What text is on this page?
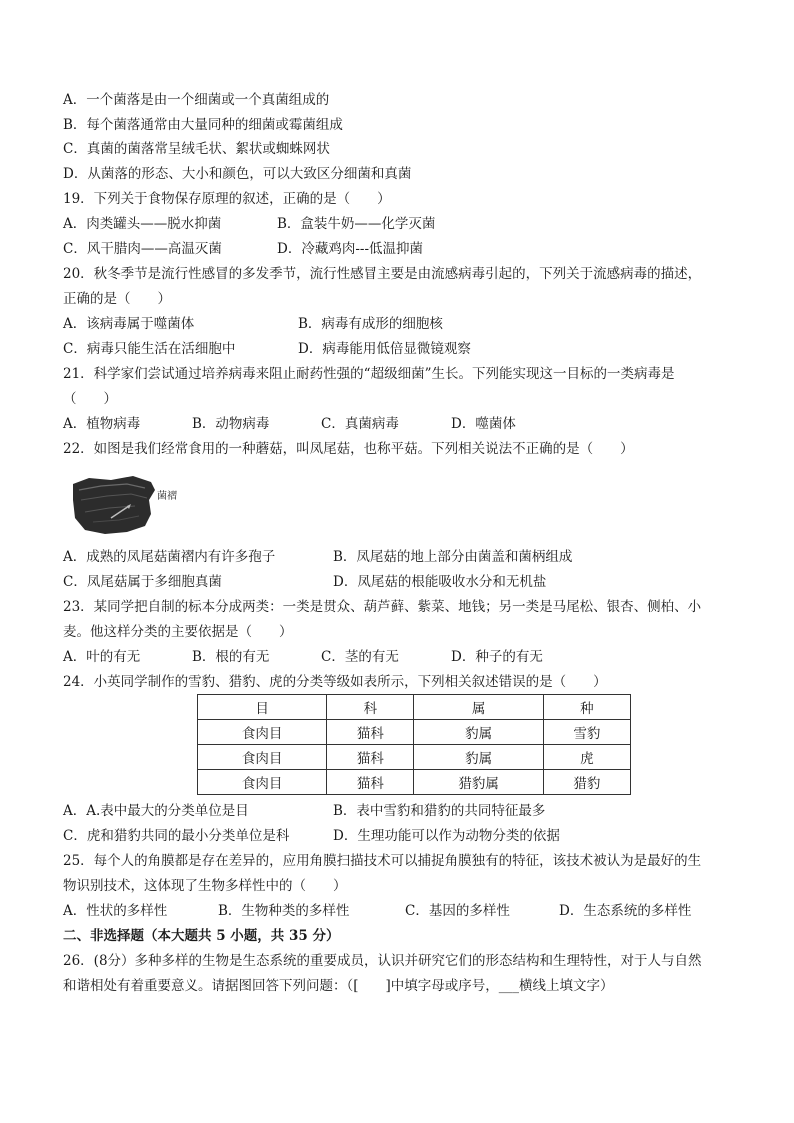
A．一个菌落是由一个细菌或一个真菌组成的
B．每个菌落通常由大量同种的细菌或霉菌组成
C．真菌的菌落常呈绒毛状、絮状或蜘蛛网状
D．从菌落的形态、大小和颜色，可以大致区分细菌和真菌
19．下列关于食物保存原理的叙述，正确的是（　　）
A．肉类罐头——脱水抑菌	B．盒装牛奶——化学灭菌
C．风干腊肉——高温灭菌	D．冷藏鸡肉---低温抑菌
20．秋冬季节是流行性感冒的多发季节，流行性感冒主要是由流感病毒引起的，下列关于流感病毒的描述，
正确的是（　　）
A．该病毒属于噬菌体	B．病毒有成形的细胞核
C．病毒只能生活在活细胞中	D．病毒能用低倍显微镜观察
21．科学家们尝试通过培养病毒来阻止耐药性强的“超级细菌”生长。下列能实现这一目标的一类病毒是
（　　）
A．植物病毒	B．动物病毒	C．真菌病毒	D．噬菌体
22．如图是我们经常食用的一种蘑菇，叫凤尾菇，也称平菇。下列相关说法不正确的是（　　）
菌褶
A．成熟的凤尾菇菌褶内有许多孢子	B．凤尾菇的地上部分由菌盖和菌柄组成
C．凤尾菇属于多细胞真菌	D．凤尾菇的根能吸收水分和无机盐
23．某同学把自制的标本分成两类：一类是贯众、葫芦藓、紫菜、地钱；另一类是马尾松、银杏、侧柏、小
麦。他这样分类的主要依据是（　　）
A．叶的有无	B．根的有无	C．茎的有无	D．种子的有无
24．小英同学制作的雪豹、猎豹、虎的分类等级如表所示，下列相关叙述错误的是（　　）
目	科	属	种
食肉目	猫科	豹属	雪豹
食肉目	猫科	豹属	虎
食肉目	猫科	猎豹属	猎豹
A．A.表中最大的分类单位是目	B．表中雪豹和猎豹的共同特征最多
C．虎和猎豹共同的最小分类单位是科	D．生理功能可以作为动物分类的依据
25．每个人的角膜都是存在差异的，应用角膜扫描技术可以捕捉角膜独有的特征，该技术被认为是最好的生
物识别技术，这体现了生物多样性中的（　　）
A．性状的多样性	B．生物种类的多样性	C．基因的多样性	D．生态系统的多样性
二、非选择题（本大题共 5 小题，共 35 分）
26．(8分）多种多样的生物是生态系统的重要成员，认识并研究它们的形态结构和生理特性，对于人与自然
和谐相处有着重要意义。请据图回答下列问题：（[　　]中填字母或序号，___横线上填文字）
